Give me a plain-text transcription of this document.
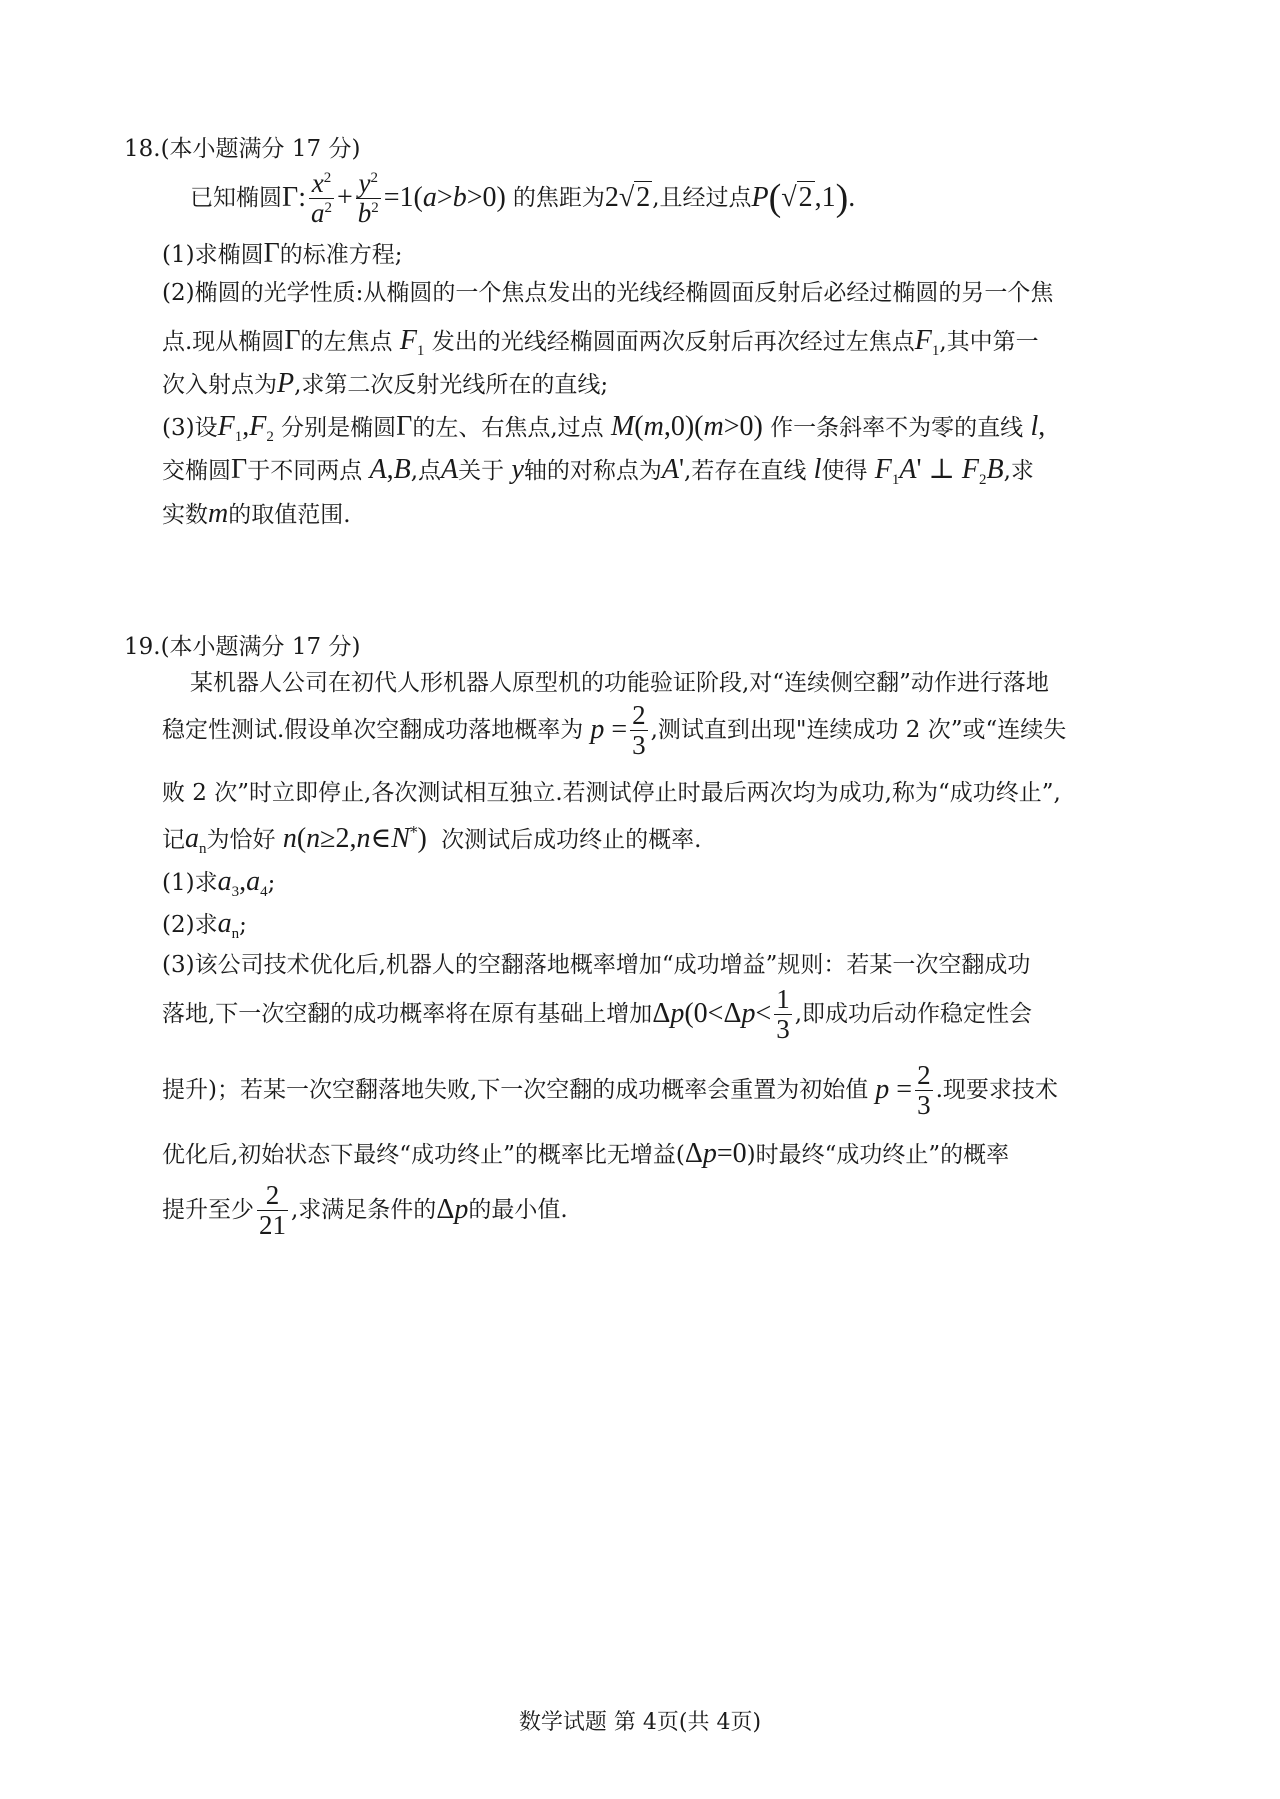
18.(本小题满分 17 分)
已知椭圆 Γ: $\frac{x^2}{a^2} + \frac{y^2}{b^2} =1$( a > b >0) 的焦距为 2√2 ,且经过点 P (√2,1).
(1)求椭圆Γ的标准方程;
(2)椭圆的光学性质:从椭圆的一个焦点发出的光线经椭圆面反射后必经过椭圆的另一个焦
点.现从椭圆Γ的左焦点 $F_1$ 发出的光线经椭圆面两次反射后再次经过左焦点$F_1$,其中第一
次入射点为P,求第二次反射光线所在的直线;
(3)设$F_1,F_2$ 分别是椭圆Γ的左、右焦点,过点 M(m,0)(m>0) 作一条斜率不为零的直线 l,
交椭圆Γ于不同两点 A,B,点A关于 y轴的对称点为A',若存在直线 l使得 $F_1A'$ ⊥ $F_2B$,求
实数m的取值范围.
19.(本小题满分 17 分)
某机器人公司在初代人形机器人原型机的功能验证阶段,对“连续侧空翻”动作进行落地
稳定性测试.假设单次空翻成功落地概率为 $p = \frac{2}{3}$ ,测试直到出现"连续成功 2 次”或“连续失
败 2 次”时立即停止,各次测试相互独立.若测试停止时最后两次均为成功,称为“成功终止”,
记$a_n$为恰好 n(n≥2,n∈N*)  次测试后成功终止的概率.
(1)求$a_3,a_4$;
(2)求$a_n$;
(3)该公司技术优化后,机器人的空翻落地概率增加“成功增益”规则：若某一次空翻成功
落地,下一次空翻的成功概率将在原有基础上增加 Δ p (0<Δ $p < \frac{1}{3}$ ,即成功后动作稳定性会
提升)；若某一次空翻落地失败,下一次空翻的成功概率会重置为初始值 $p = \frac{2}{3}$ .现要求技术
优化后,初始状态下最终“成功终止”的概率比无增益(Δp=0)时最终“成功终止”的概率
提升至少 $\frac{2}{21}$ ,求满足条件的 Δ p 的最小值.
数学试题 第 4页(共 4页)
